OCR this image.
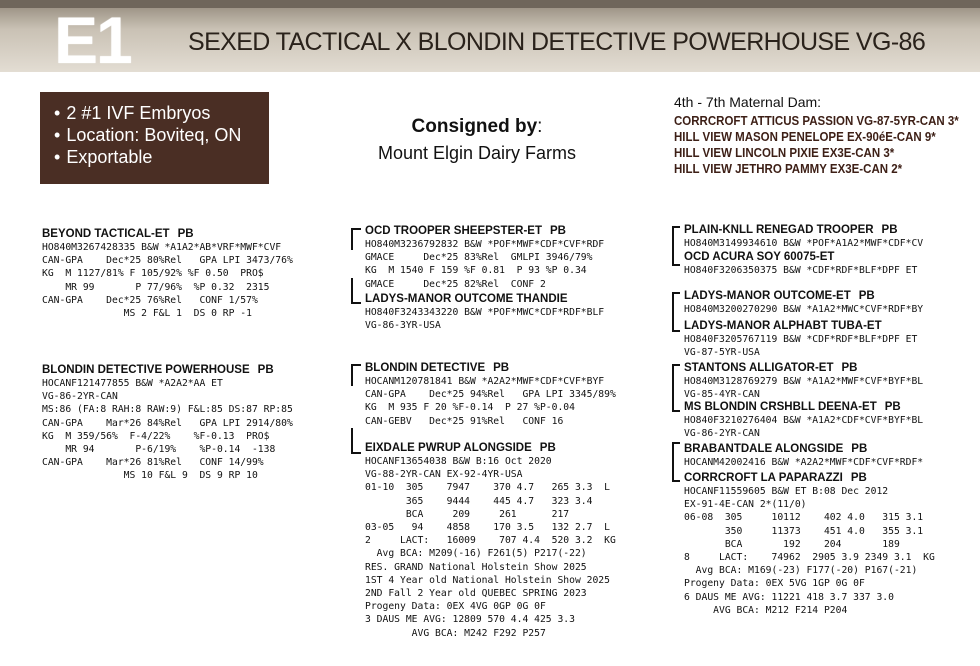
E1 SEXED TACTICAL X BLONDIN DETECTIVE POWERHOUSE VG-86
• 2 #1 IVF Embryos
• Location: Boviteq, ON
• Exportable
Consigned by:
Mount Elgin Dairy Farms
4th - 7th Maternal Dam:
CORRCROFT ATTICUS PASSION VG-87-5YR-CAN 3*
HILL VIEW MASON PENELOPE EX-90éE-CAN 9*
HILL VIEW LINCOLN PIXIE EX3E-CAN 3*
HILL VIEW JETHRO PAMMY EX3E-CAN 2*
BEYOND TACTICAL-ET PB
HO840M3267428335 B&W *A1A2*AB*VRF*MWF*CVF
CAN-GPA    Dec*25 80%Rel   GPA LPI 3473/76%
KG  M 1127/81% F 105/92% %F 0.50  PRO$
MR 99       P 77/96%  %P 0.32  2315
CAN-GPA    Dec*25 76%Rel   CONF 1/57%
MS 2 F&L 1  DS 0 RP -1
BLONDIN DETECTIVE POWERHOUSE PB
HOCANF121477855 B&W *A2A2*AA ET
VG-86-2YR-CAN
MS:86 (FA:8 RAH:8 RAW:9) F&L:85 DS:87 RP:85
CAN-GPA    Mar*26 84%Rel   GPA LPI 2914/80%
KG  M 359/56%  F-4/22%    %F-0.13  PRO$
MR 94       P-6/19%    %P-0.14  -138
CAN-GPA    Mar*26 81%Rel   CONF 14/99%
MS 10 F&L 9  DS 9 RP 10
OCD TROOPER SHEEPSTER-ET PB
HO840M3236792832 B&W *POF*MWF*CDF*CVF*RDF
GMACE     Dec*25 83%Rel  GMLPI 3946/79%
KG  M 1540 F 159 %F 0.81  P 93 %P 0.34
GMACE     Dec*25 82%Rel  CONF 2
LADYS-MANOR OUTCOME THANDIE
HO840F3243343220 B&W *POF*MWC*CDF*RDF*BLF
VG-86-3YR-USA
BLONDIN DETECTIVE PB
HOCANM120781841 B&W *A2A2*MWF*CDF*CVF*BYF
CAN-GPA    Dec*25 94%Rel   GPA LPI 3345/89%
KG  M 935 F 20 %F-0.14  P 27 %P-0.04
CAN-GEBV   Dec*25 91%Rel   CONF 16
EIXDALE PWRUP ALONGSIDE PB
HOCANF13654038 B&W B:16 Oct 2020
VG-88-2YR-CAN EX-92-4YR-USA
01-10  305    7947    370 4.7   265 3.3  L
365    9444    445 4.7   323 3.4
BCA     209     261      217
03-05   94    4858    170 3.5   132 2.7  L
2     LACT:   16009    707 4.4  520 3.2  KG
Avg BCA: M209(-16) F261(5) P217(-22)
RES. GRAND National Holstein Show 2025
1ST 4 Year old National Holstein Show 2025
2ND Fall 2 Year old QUEBEC SPRING 2023
Progeny Data: 0EX 4VG 0GP 0G 0F
3 DAUS ME AVG: 12809 570 4.4 425 3.3
AVG BCA: M242 F292 P257
PLAIN-KNLL RENEGAD TROOPER PB
HO840M3149934610 B&W *POF*A1A2*MWF*CDF*CV
OCD ACURA SOY 60075-ET
HO840F3206350375 B&W *CDF*RDF*BLF*DPF ET
LADYS-MANOR OUTCOME-ET PB
HO840M3200270290 B&W *A1A2*MWC*CVF*RDF*BY
LADYS-MANOR ALPHABT TUBA-ET
HO840F3205767119 B&W *CDF*RDF*BLF*DPF ET
VG-87-5YR-USA
STANTONS ALLIGATOR-ET PB
HO840M3128769279 B&W *A1A2*MWF*CVF*BYF*BL
VG-85-4YR-CAN
MS BLONDIN CRSHBLL DEENA-ET PB
HO840F3210276404 B&W *A1A2*CDF*CVF*BYF*BL
VG-86-2YR-CAN
BRABANTDALE ALONGSIDE PB
HOCANM42002416 B&W *A2A2*MWF*CDF*CVF*RDF*
CORRCROFT LA PAPARAZZI PB
HOCANF11559605 B&W ET B:08 Dec 2012
EX-91-4E-CAN 2*(11/0)
06-08  305     10112    402 4.0   315 3.1
350     11373    451 4.0   355 3.1
BCA       192    204       189
8     LACT:    74962  2905 3.9 2349 3.1  KG
Avg BCA: M169(-23) F177(-20) P167(-21)
Progeny Data: 0EX 5VG 1GP 0G 0F
6 DAUS ME AVG: 11221 418 3.7 337 3.0
AVG BCA: M212 F214 P204
